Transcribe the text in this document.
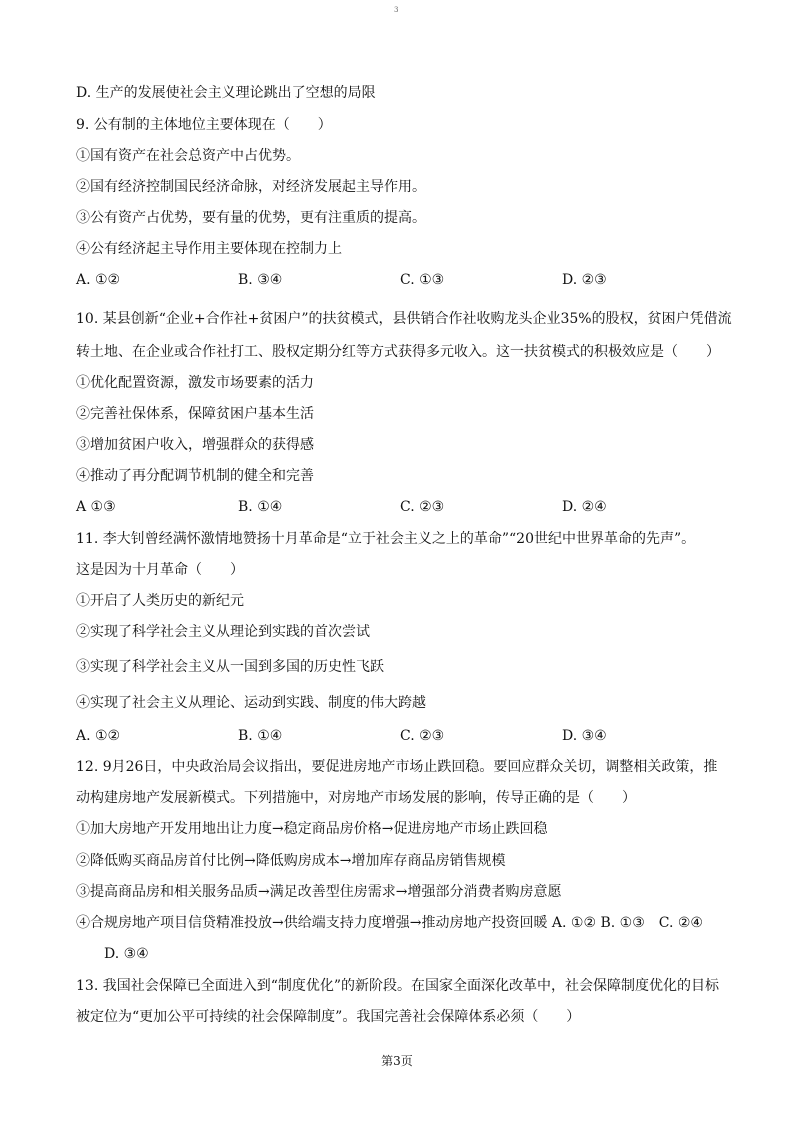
3
D. 生产的发展使社会主义理论跳出了空想的局限
9. 公有制的主体地位主要体现在（　　）
①国有资产在社会总资产中占优势。
②国有经济控制国民经济命脉，对经济发展起主导作用。
③公有资产占优势，要有量的优势，更有注重质的提高。
④公有经济起主导作用主要体现在控制力上
A. ①②	B. ③④	C. ①③	D. ②③
10. 某县创新“企业+合作社+贫困户”的扶贫模式，县供销合作社收购龙头企业35%的股权，贫困户凭借流
转土地、在企业或合作社打工、股权定期分红等方式获得多元收入。这一扶贫模式的积极效应是（　　）
①优化配置资源，激发市场要素的活力
②完善社保体系，保障贫困户基本生活
③增加贫困户收入，增强群众的获得感
④推动了再分配调节机制的健全和完善
A ①③	B. ①④	C. ②③	D. ②④
11. 李大钊曾经满怀激情地赞扬十月革命是“立于社会主义之上的革命”“20世纪中世界革命的先声”。
这是因为十月革命（　　）
①开启了人类历史的新纪元
②实现了科学社会主义从理论到实践的首次尝试
③实现了科学社会主义从一国到多国的历史性飞跃
④实现了社会主义从理论、运动到实践、制度的伟大跨越
A. ①②	B. ①④	C. ②③	D. ③④
12. 9月26日，中央政治局会议指出，要促进房地产市场止跌回稳。要回应群众关切，调整相关政策，推
动构建房地产发展新模式。下列措施中，对房地产市场发展的影响，传导正确的是（　　）
①加大房地产开发用地出让力度→稳定商品房价格→促进房地产市场止跌回稳
②降低购买商品房首付比例→降低购房成本→增加库存商品房销售规模
③提高商品房和相关服务品质→满足改善型住房需求→增强部分消费者购房意愿
④合规房地产项目信贷精准投放→供给端支持力度增强→推动房地产投资回暖 A. ①② B. ①③　C. ②④
D. ③④
13. 我国社会保障已全面进入到“制度优化”的新阶段。在国家全面深化改革中，社会保障制度优化的目标
被定位为“更加公平可持续的社会保障制度”。我国完善社会保障体系必须（　　）
第3页
